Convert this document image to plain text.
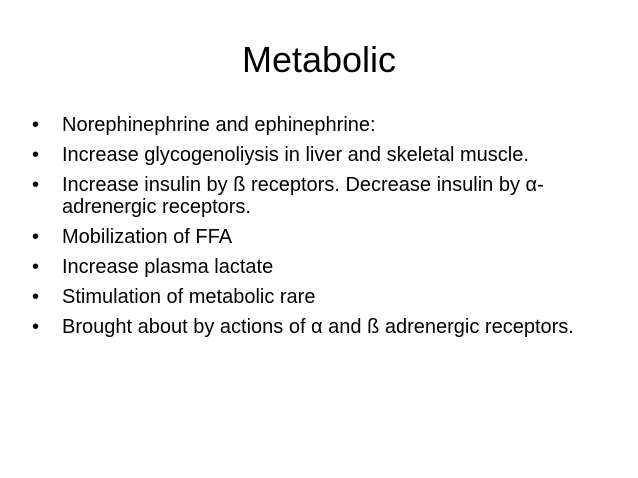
Metabolic
•	Norephinephrine and ephinephrine:
•	Increase glycogenoliysis in liver and skeletal muscle.
•	Increase insulin by ß receptors. Decrease insulin by α- adrenergic receptors.
•	Mobilization of FFA
•	Increase plasma lactate
•	Stimulation of metabolic rare
•	Brought about by actions of α and ß adrenergic receptors.
